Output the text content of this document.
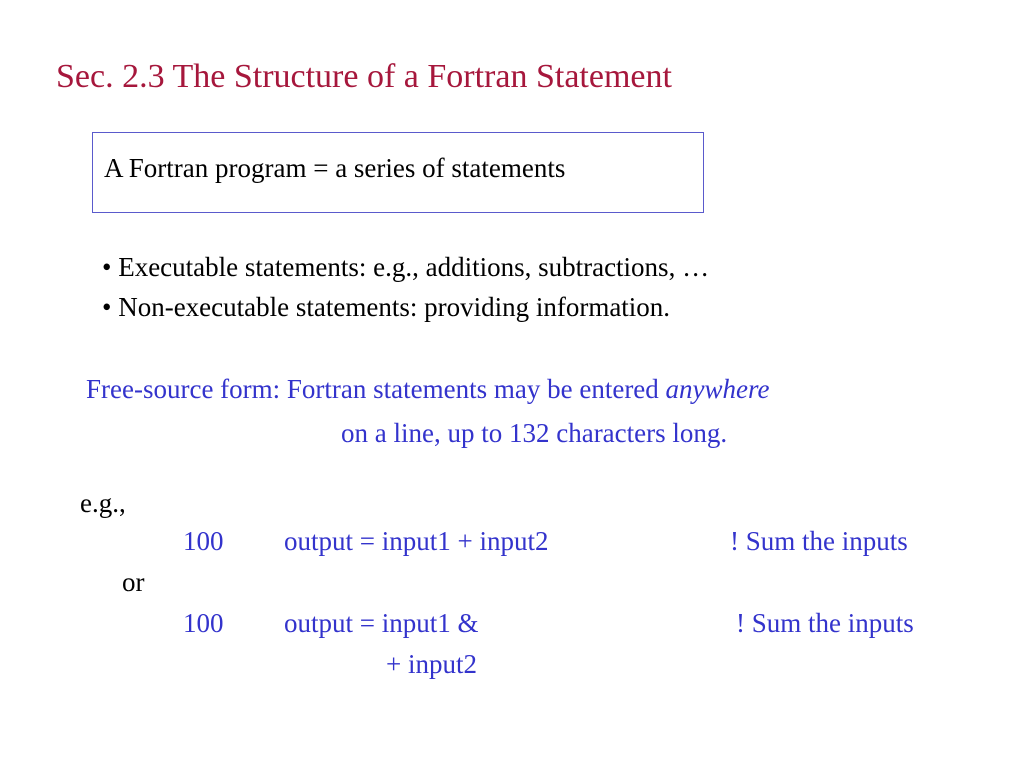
Sec. 2.3 The Structure of a Fortran Statement
A Fortran program = a series of statements
• Executable statements: e.g., additions, subtractions, …
• Non-executable statements: providing information.
Free-source form: Fortran statements may be entered anywhere
on a line, up to 132 characters long.
e.g.,
100 output = input1 + input2	! Sum the inputs
or
100 output = input1 &	! Sum the inputs
+ input2
